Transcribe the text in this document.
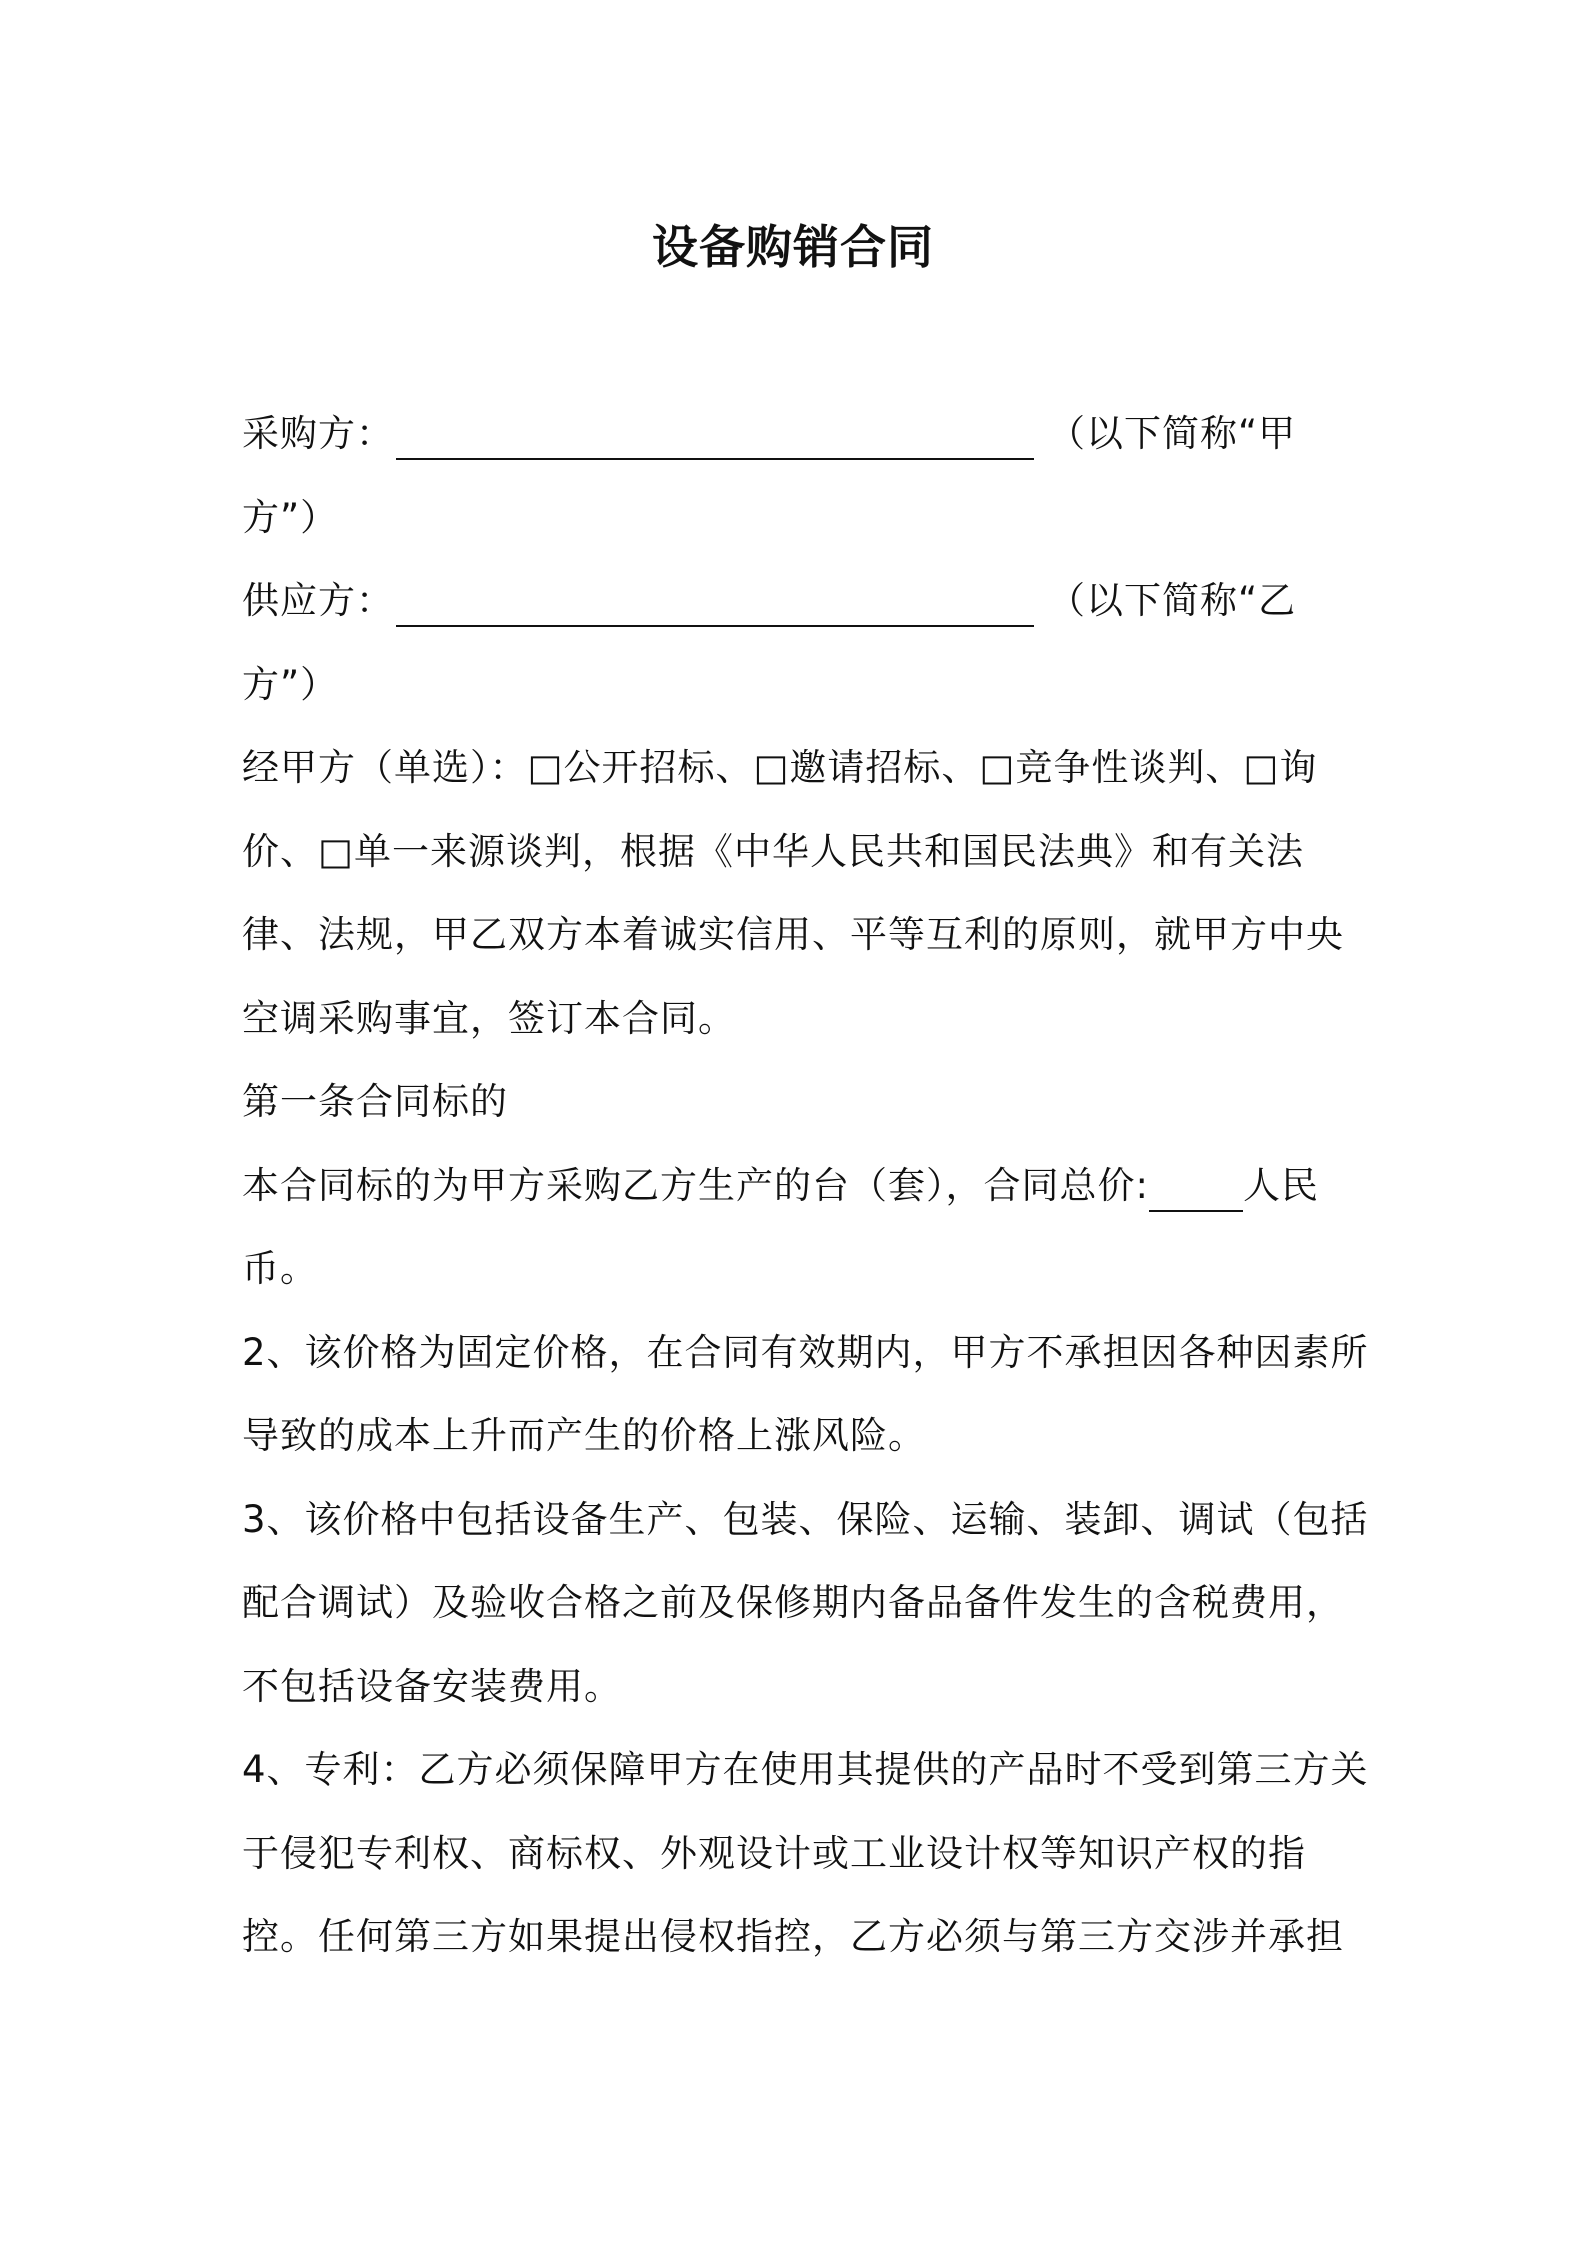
设备购销合同
采购方：	（以下简称“甲
方”）
供应方：	（以下简称“乙
方”）
经甲方（单选）：□公开招标、□邀请招标、□竞争性谈判、□询
价、□单一来源谈判，根据《中华人民共和国民法典》和有关法
律、法规，甲乙双方本着诚实信用、平等互利的原则，就甲方中央
空调采购事宜，签订本合同。
第一条合同标的
本合同标的为甲方采购乙方生产的台（套），合同总价:	人民
币。
2、该价格为固定价格，在合同有效期内，甲方不承担因各种因素所
导致的成本上升而产生的价格上涨风险。
3、该价格中包括设备生产、包装、保险、运输、装卸、调试（包括
配合调试）及验收合格之前及保修期内备品备件发生的含税费用，
不包括设备安装费用。
4、专利：乙方必须保障甲方在使用其提供的产品时不受到第三方关
于侵犯专利权、商标权、外观设计或工业设计权等知识产权的指
控。任何第三方如果提出侵权指控，乙方必须与第三方交涉并承担
